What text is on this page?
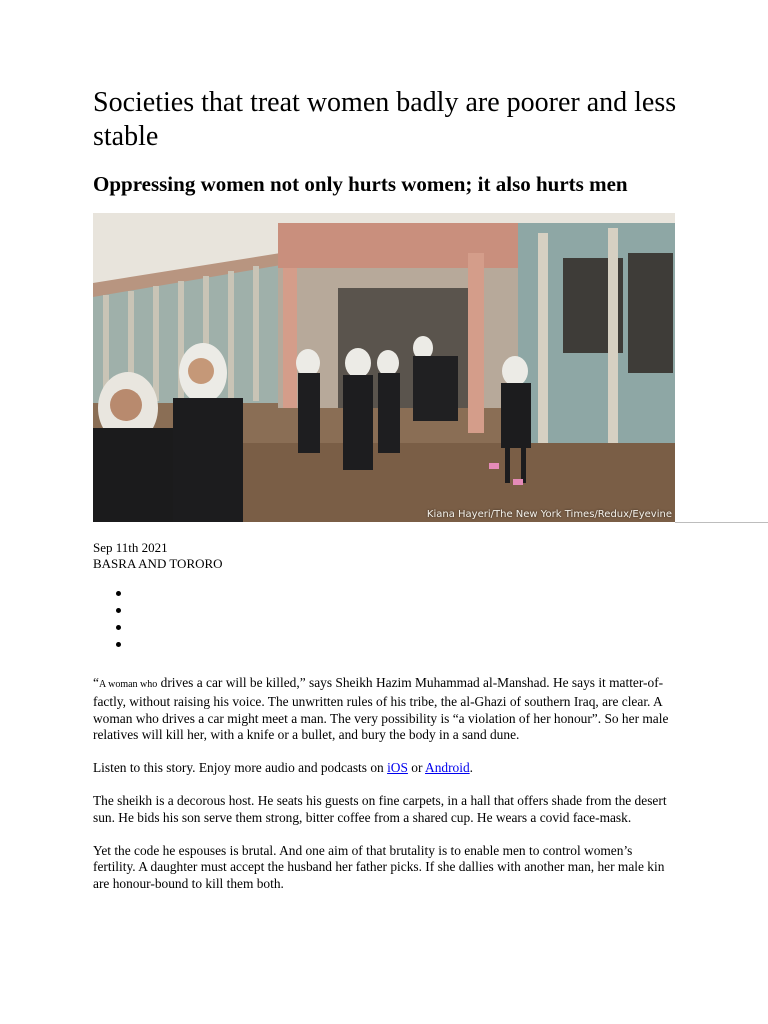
Societies that treat women badly are poorer and less stable
Oppressing women not only hurts women; it also hurts men
Kiana Hayeri/The New York Times/Redux/Eyevine
Sep 11th 2021
BASRA AND TORORO

“A woman who drives a car will be killed,” says Sheikh Hazim Muhammad al-Manshad. He says it matter-of-factly, without raising his voice. The unwritten rules of his tribe, the al-Ghazi of southern Iraq, are clear. A woman who drives a car might meet a man. The very possibility is “a violation of her honour”. So her male relatives will kill her, with a knife or a bullet, and bury the body in a sand dune.

Listen to this story. Enjoy more audio and podcasts on iOS or Android.

The sheikh is a decorous host. He seats his guests on fine carpets, in a hall that offers shade from the desert sun. He bids his son serve them strong, bitter coffee from a shared cup. He wears a covid face-mask.

Yet the code he espouses is brutal. And one aim of that brutality is to enable men to control women’s fertility. A daughter must accept the husband her father picks. If she dallies with another man, her male kin are honour-bound to kill them both.
